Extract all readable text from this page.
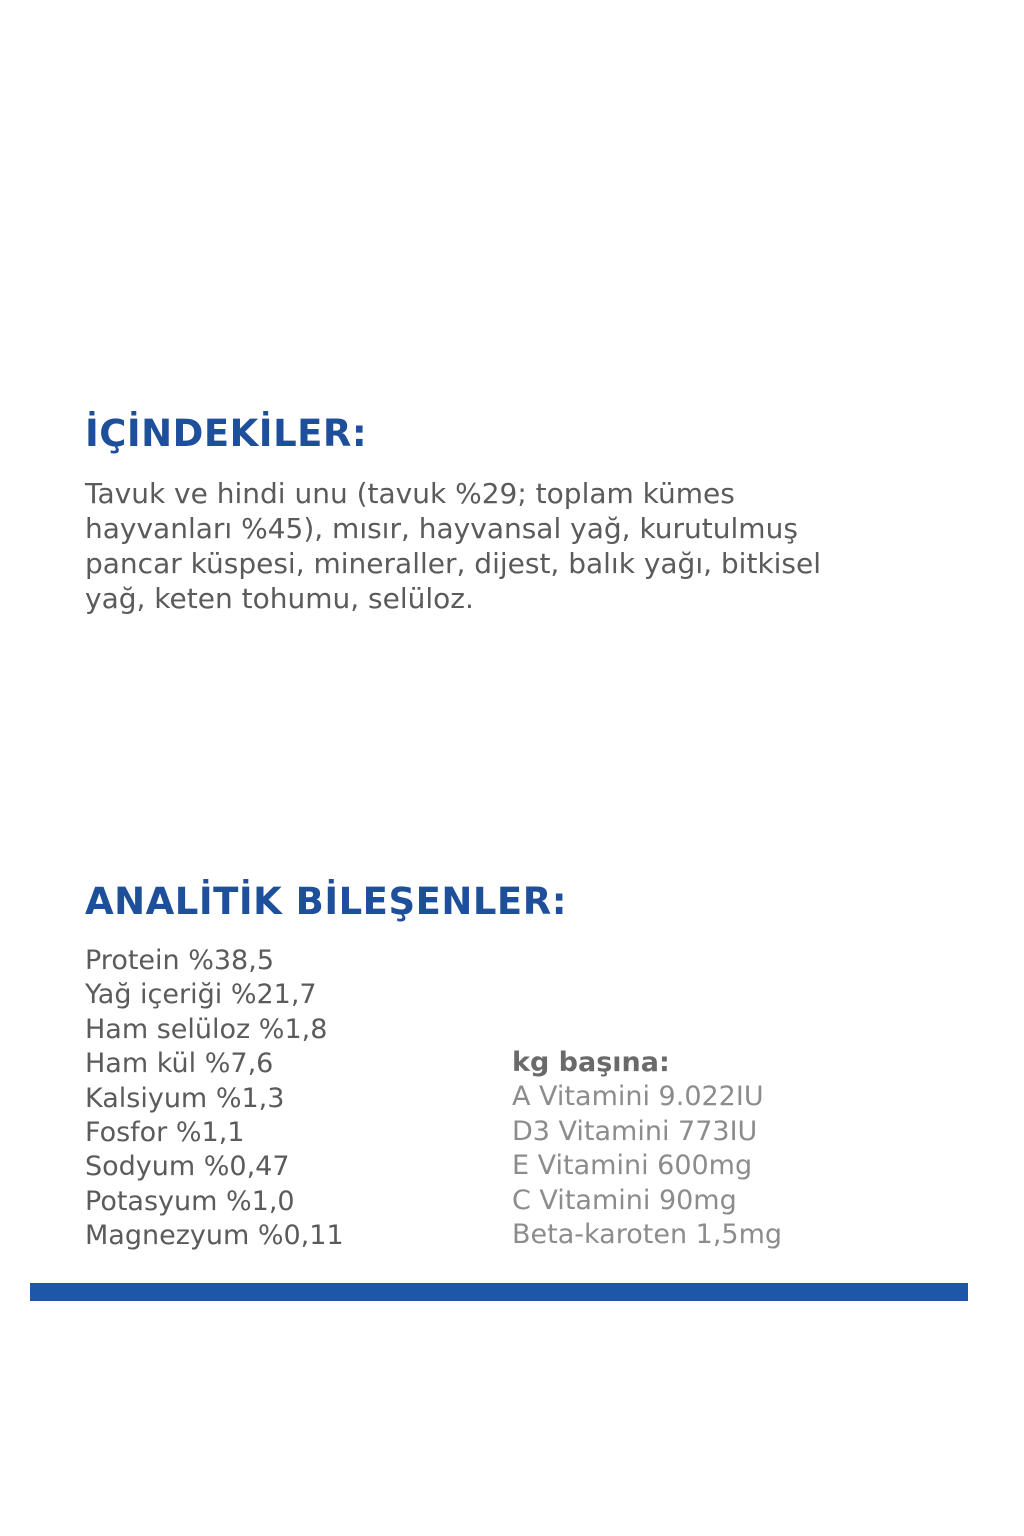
İÇİNDEKİLER:

Tavuk ve hindi unu (tavuk %29; toplam kümes hayvanları %45), mısır, hayvansal yağ, kurutulmuş pancar küspesi, mineraller, dijest, balık yağı, bitkisel yağ, keten tohumu, selüloz.

ANALİTİK BİLEŞENLER:
Protein %38,5
Yağ içeriği %21,7
Ham selüloz %1,8
Ham kül %7,6
Kalsiyum %1,3
Fosfor %1,1
Sodyum %0,47
Potasyum %1,0
Magnezyum %0,11
kg başına:
A Vitamini 9.022IU
D3 Vitamini 773IU
E Vitamini 600mg
C Vitamini 90mg
Beta-karoten 1,5mg
